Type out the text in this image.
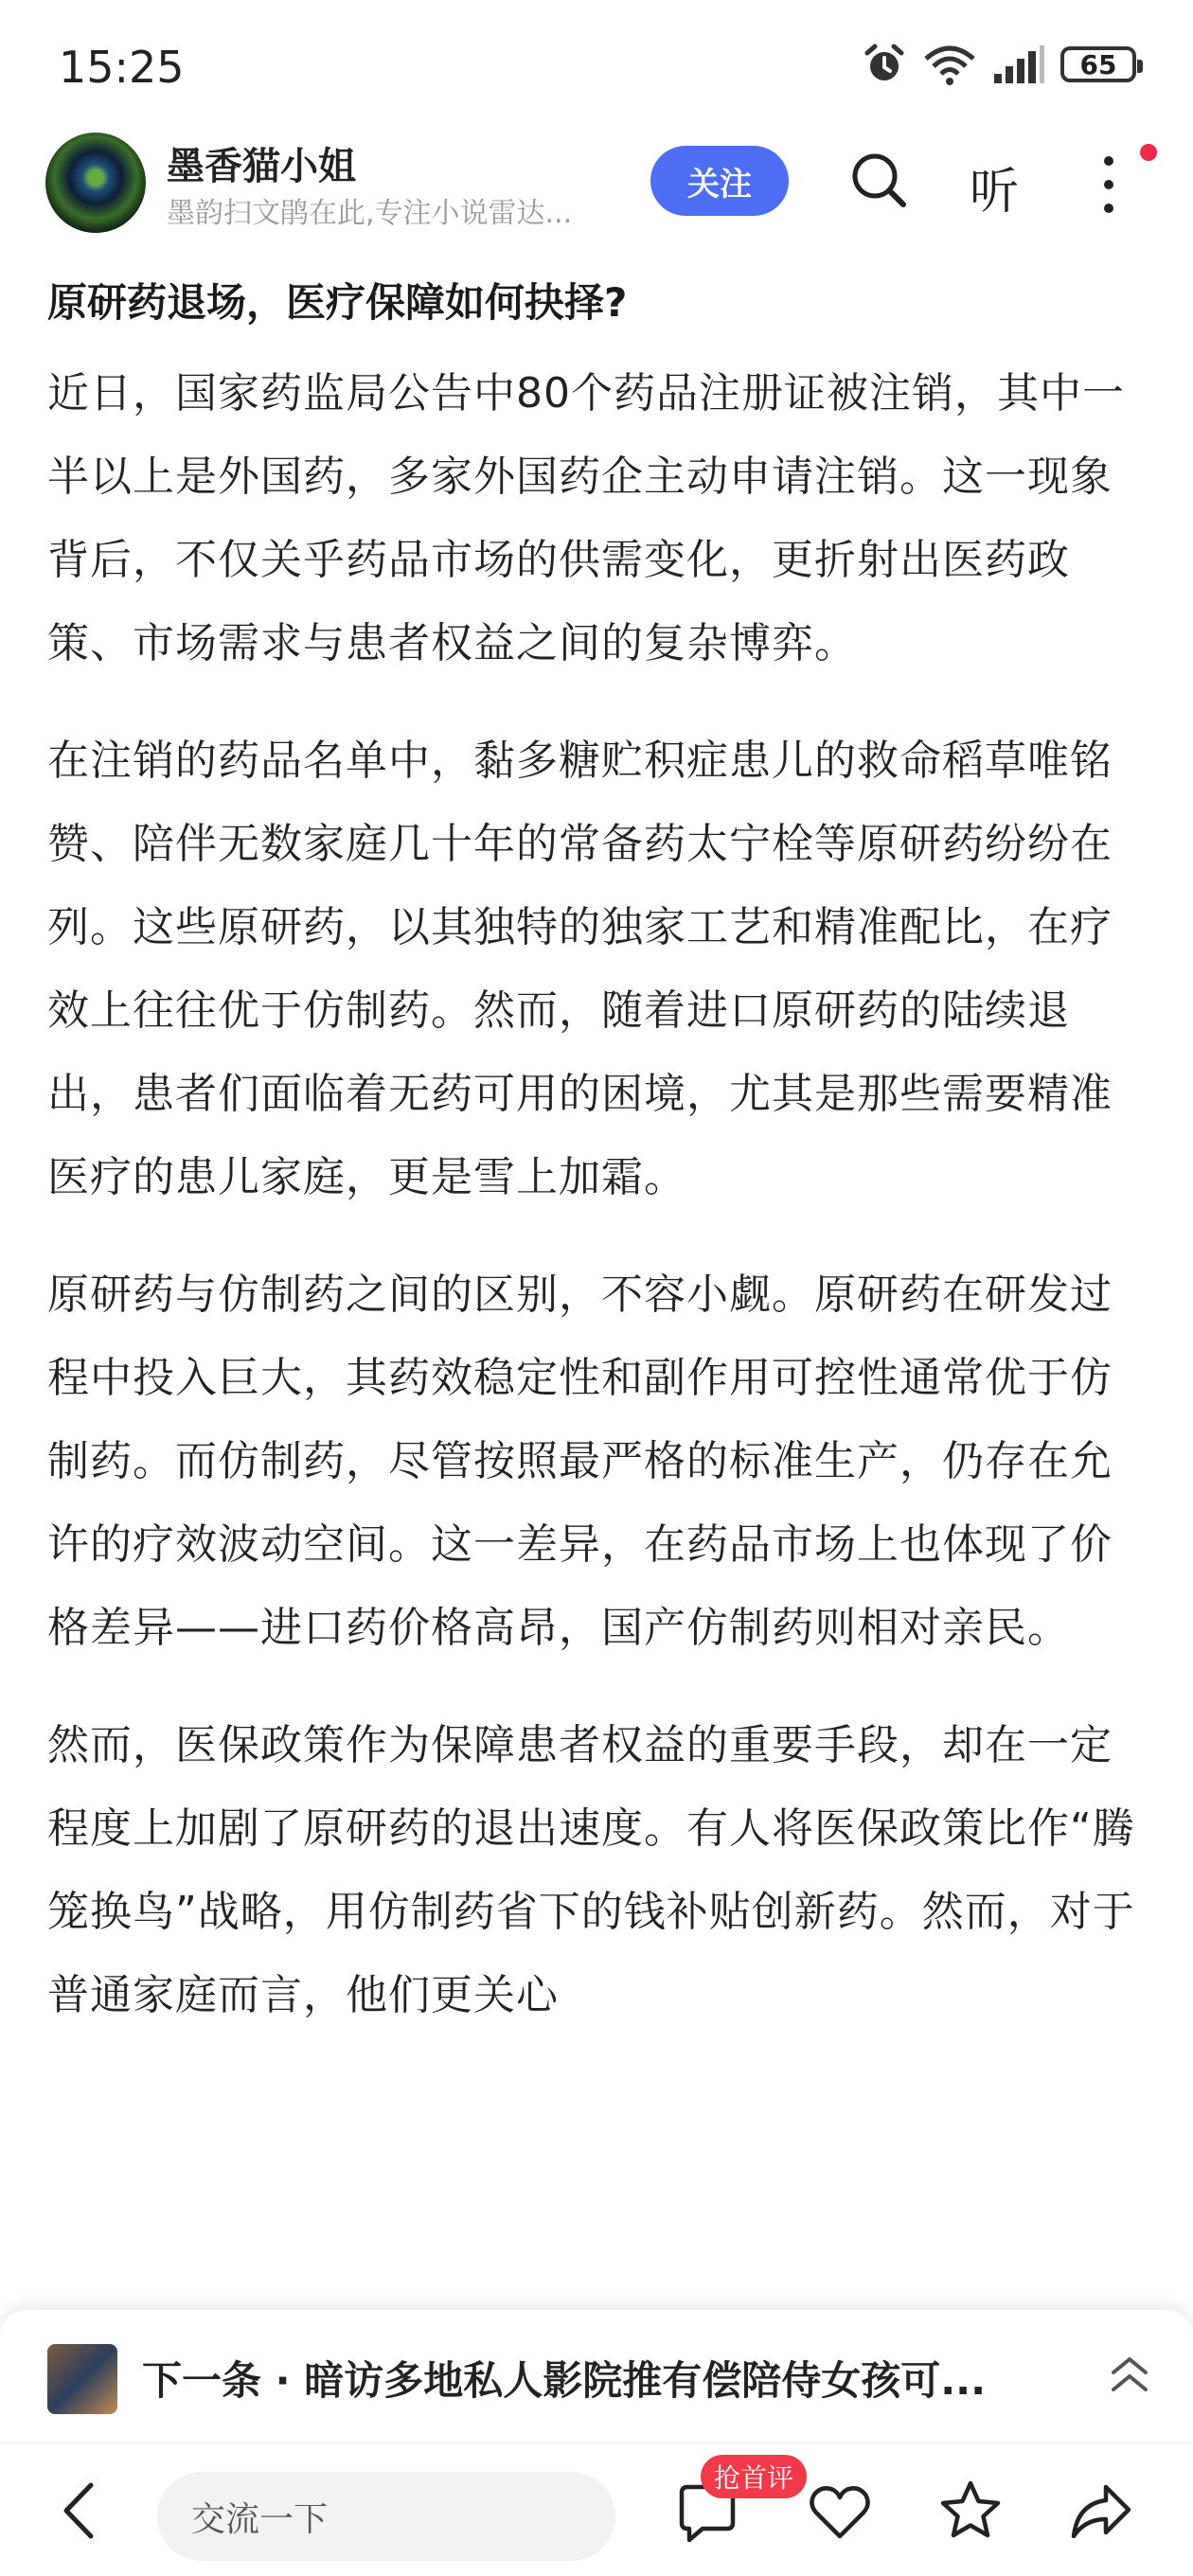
15:25	65
墨香猫小姐
墨韵扫文鹃在此,专注小说雷达...
关注	听
原研药退场，医疗保障如何抉择?

近日，国家药监局公告中80个药品注册证被注销，其中一半以上是外国药，多家外国药企主动申请注销。这一现象背后，不仅关乎药品市场的供需变化，更折射出医药政策、市场需求与患者权益之间的复杂博弈。

在注销的药品名单中，黏多糖贮积症患儿的救命稻草唯铭赞、陪伴无数家庭几十年的常备药太宁栓等原研药纷纷在列。这些原研药，以其独特的独家工艺和精准配比，在疗效上往往优于仿制药。然而，随着进口原研药的陆续退出，患者们面临着无药可用的困境，尤其是那些需要精准医疗的患儿家庭，更是雪上加霜。

原研药与仿制药之间的区别，不容小觑。原研药在研发过程中投入巨大，其药效稳定性和副作用可控性通常优于仿制药。而仿制药，尽管按照最严格的标准生产，仍存在允许的疗效波动空间。这一差异，在药品市场上也体现了价格差异——进口药价格高昂，国产仿制药则相对亲民。

然而，医保政策作为保障患者权益的重要手段，却在一定程度上加剧了原研药的退出速度。有人将医保政策比作“腾笼换鸟”战略，用仿制药省下的钱补贴创新药。然而，对于普通家庭而言，他们更关心

下一条 · 暗访多地私人影院推有偿陪侍女孩可...
交流一下
抢首评
